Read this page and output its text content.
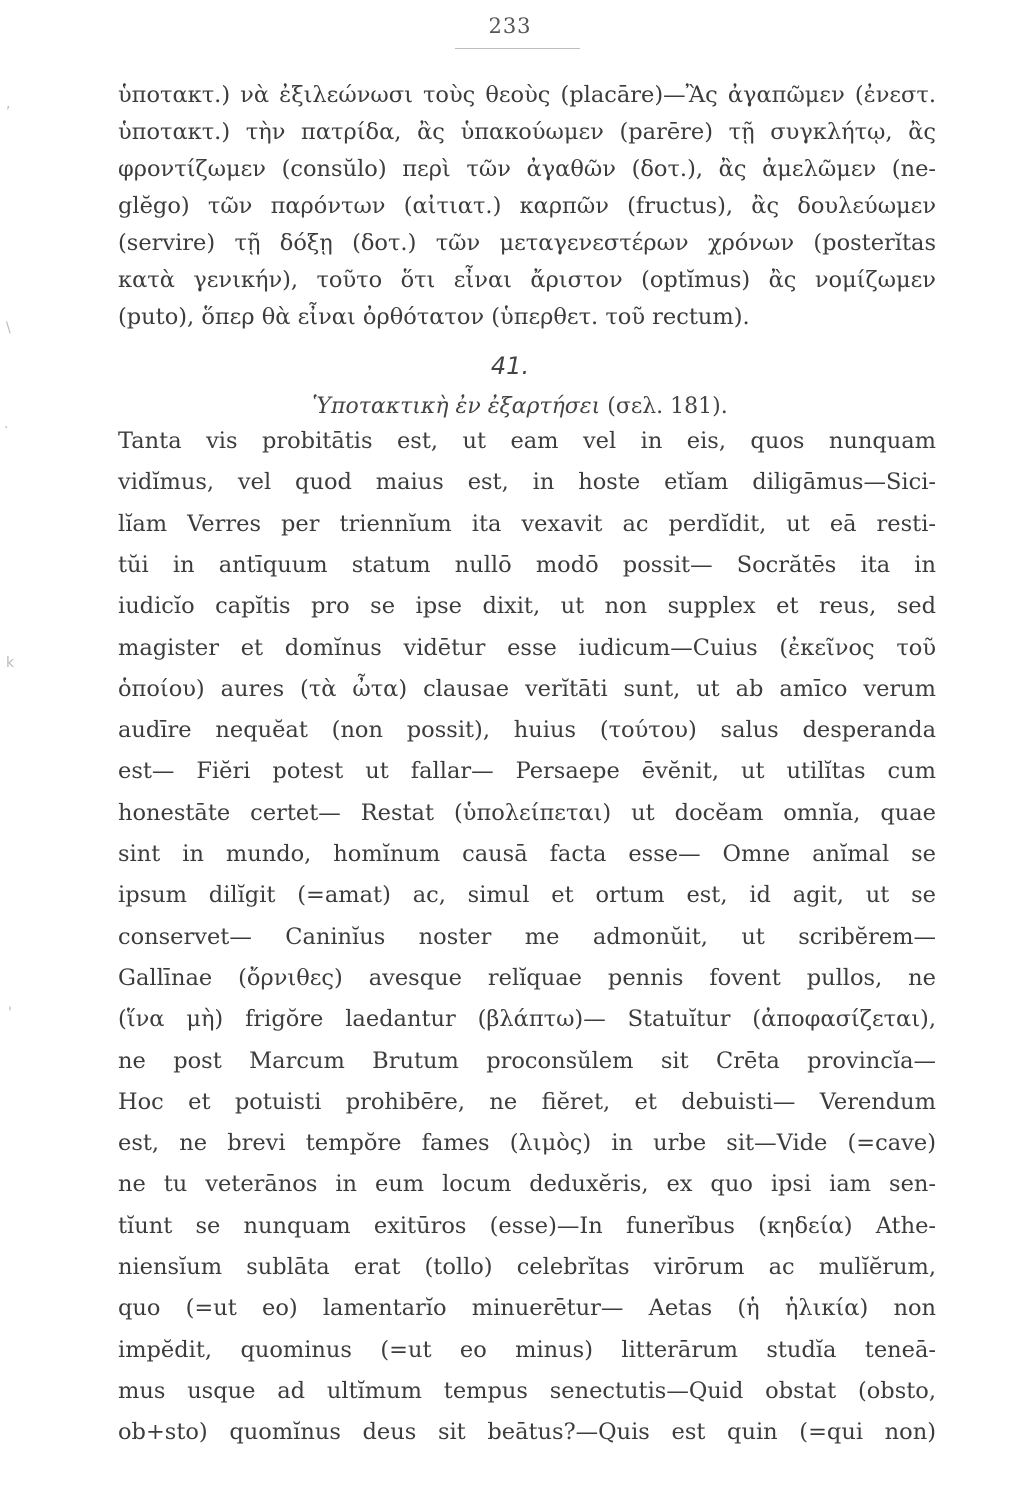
233
ὑποτακτ.) νὰ ἐξιλεώνωσι τοὺς θεοὺς (placāre)—Ἂς ἀγαπῶμεν (ἐνεστ.
ὑποτακτ.) τὴν πατρίδα, ἂς ὑπακούωμεν (parēre) τῇ συγκλήτῳ, ἂς
φροντίζωμεν (consŭlo) περὶ τῶν ἀγαθῶν (δοτ.), ἂς ἀμελῶμεν (ne-
glĕgo) τῶν παρόντων (αἰτιατ.) καρπῶν (fructus), ἂς δουλεύωμεν
(servire) τῇ δόξῃ (δοτ.) τῶν μεταγενεστέρων χρόνων (posterĭtas
κατὰ γενικήν), τοῦτο ὅτι εἶναι ἄριστον (optĭmus) ἂς νομίζωμεν
(puto), ὅπερ θὰ εἶναι ὀρθότατον (ὑπερθετ. τοῦ rectum).
41.
Ὑποτακτικὴ ἐν ἐξαρτήσει (σελ. 181).
Tanta vis probitātis est, ut eam vel in eis, quos nunquam
vidĭmus, vel quod maius est, in hoste etĭam diligāmus—Sici-
lĭam Verres per triennĭum ita vexavit ac perdĭdit, ut eā resti-
tŭi in antīquum statum nullō modō possit— Socrătēs ita in
iudicĭo capĭtis pro se ipse dixit, ut non supplex et reus, sed
magister et domĭnus vidētur esse iudicum—Cuius (ἐκεῖνος τοῦ
ὁποίου) aures (τὰ ὦτα) clausae verĭtāti sunt, ut ab amīco verum
audīre nequĕat (non possit), huius (τούτου) salus desperanda
est— Fiĕri potest ut fallar— Persaepe ēvĕnit, ut utilĭtas cum
honestāte certet— Restat (ὑπολείπεται) ut docĕam omnĭa, quae
sint in mundo, homĭnum causā facta esse— Omne anĭmal se
ipsum dilĭgit (=amat) ac, simul et ortum est, id agit, ut se
conservet— Caninĭus noster me admonŭit, ut scribĕrem—
Gallīnae (ὄρνιθες) avesque relĭquae pennis fovent pullos, ne
(ἵνα μὴ) frigŏre laedantur (βλάπτω)— Statuĭtur (ἀποφασίζεται),
ne post Marcum Brutum proconsŭlem sit Crēta provincĭa—
Hoc et potuisti prohibēre, ne fiĕret, et debuisti— Verendum
est, ne brevi tempŏre fames (λιμὸς) in urbe sit—Vide (=cave)
ne tu veterānos in eum locum deduxĕris, ex quo ipsi iam sen-
tĭunt se nunquam exitūros (esse)—In funerĭbus (κηδεία) Athe-
niensĭum sublāta erat (tollo) celebrĭtas virōrum ac mulĭĕrum,
quo (=ut eo) lamentarĭo minuerētur— Aetas (ἡ ἡλικία) non
impĕdit, quominus (=ut eo minus) litterārum studĭa teneā-
mus usque ad ultĭmum tempus senectutis—Quid obstat (obsto,
ob+sto) quomĭnus deus sit beātus?—Quis est quin (=qui non)
,
\
·
k
'
